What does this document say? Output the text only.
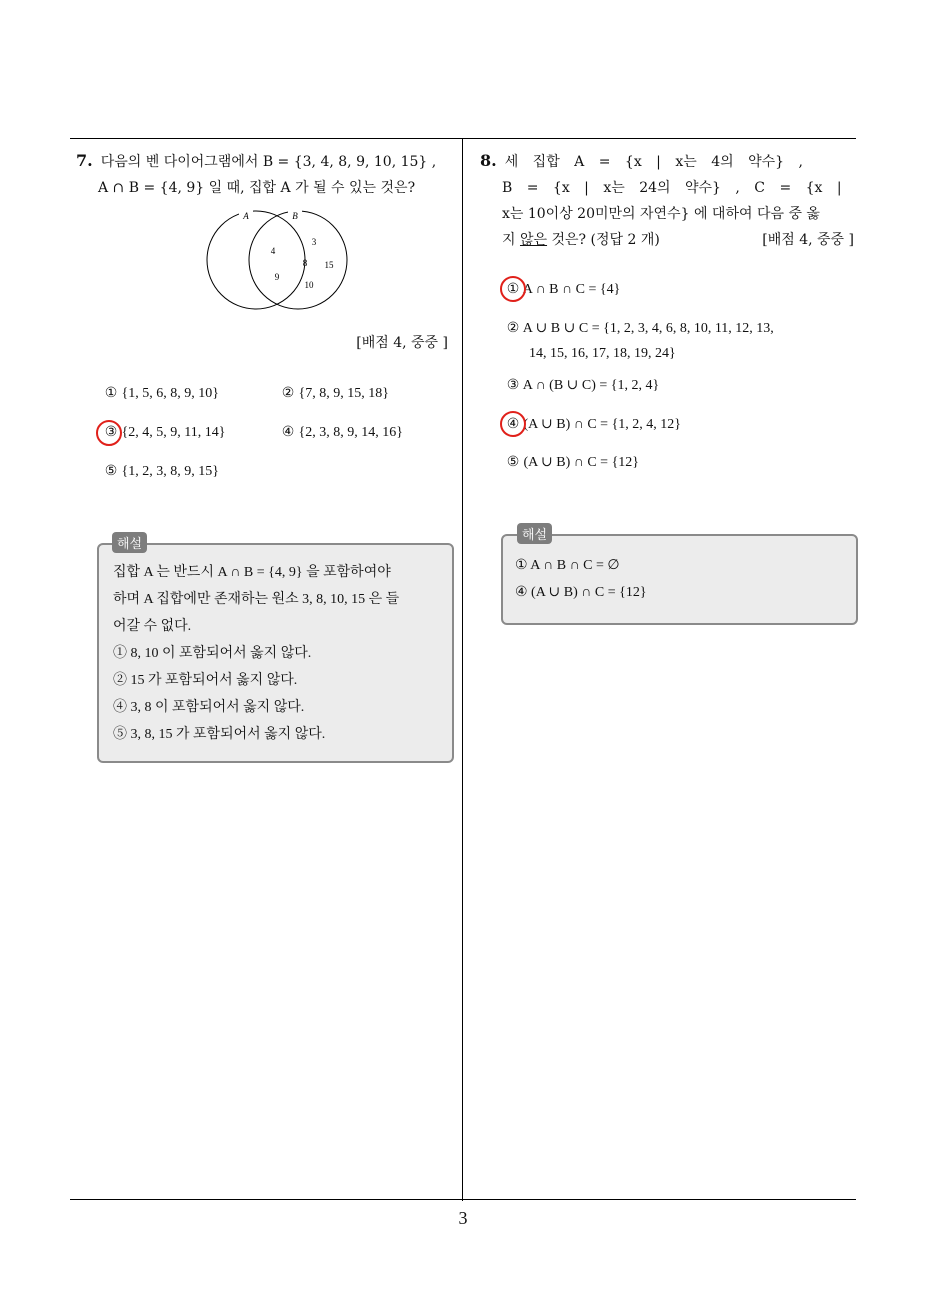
7. 다음의 벤 다이어그램에서 B = {3, 4, 8, 9, 10, 15} ,
A ∩ B = {4, 9} 일 때, 집합 A 가 될 수 있는 것은?
A	B
4
9
3
8 15
10
[배점 4, 중중 ]
① {1, 5, 6, 8, 9, 10}	② {7, 8, 9, 15, 18}
③ {2, 4, 5, 9, 11, 14}	④ {2, 3, 8, 9, 14, 16}
⑤ {1, 2, 3, 8, 9, 15}
집합 A 는 반드시 A ∩ B = {4, 9} 을 포함하여야
하며 A 집합에만 존재하는 원소 3, 8, 10, 15 은 들
어갈 수 없다.
① 8, 10 이 포함되어서 옳지 않다.
② 15 가 포함되어서 옳지 않다.
④ 3, 8 이 포함되어서 옳지 않다.
⑤ 3, 8, 15 가 포함되어서 옳지 않다.
해설
8. 세 집합 A = {x | x는 4의 약수} ,
B = {x | x는 24의 약수} , C = {x |
x는 10이상 20미만의 자연수} 에 대하여 다음 중 옳
지 않은 것은? (정답 2 개)	[배점 4, 중중 ]
① A ∩ B ∩ C = {4}
② A ∪ B ∪ C = {1, 2, 3, 4, 6, 8, 10, 11, 12, 13,
14, 15, 16, 17, 18, 19, 24}
③ A ∩ (B ∪ C) = {1, 2, 4}
④ (A ∪ B) ∩ C = {1, 2, 4, 12}
⑤ (A ∪ B) ∩ C = {12}
① A ∩ B ∩ C = ∅
④ (A ∪ B) ∩ C = {12}
해설
3
